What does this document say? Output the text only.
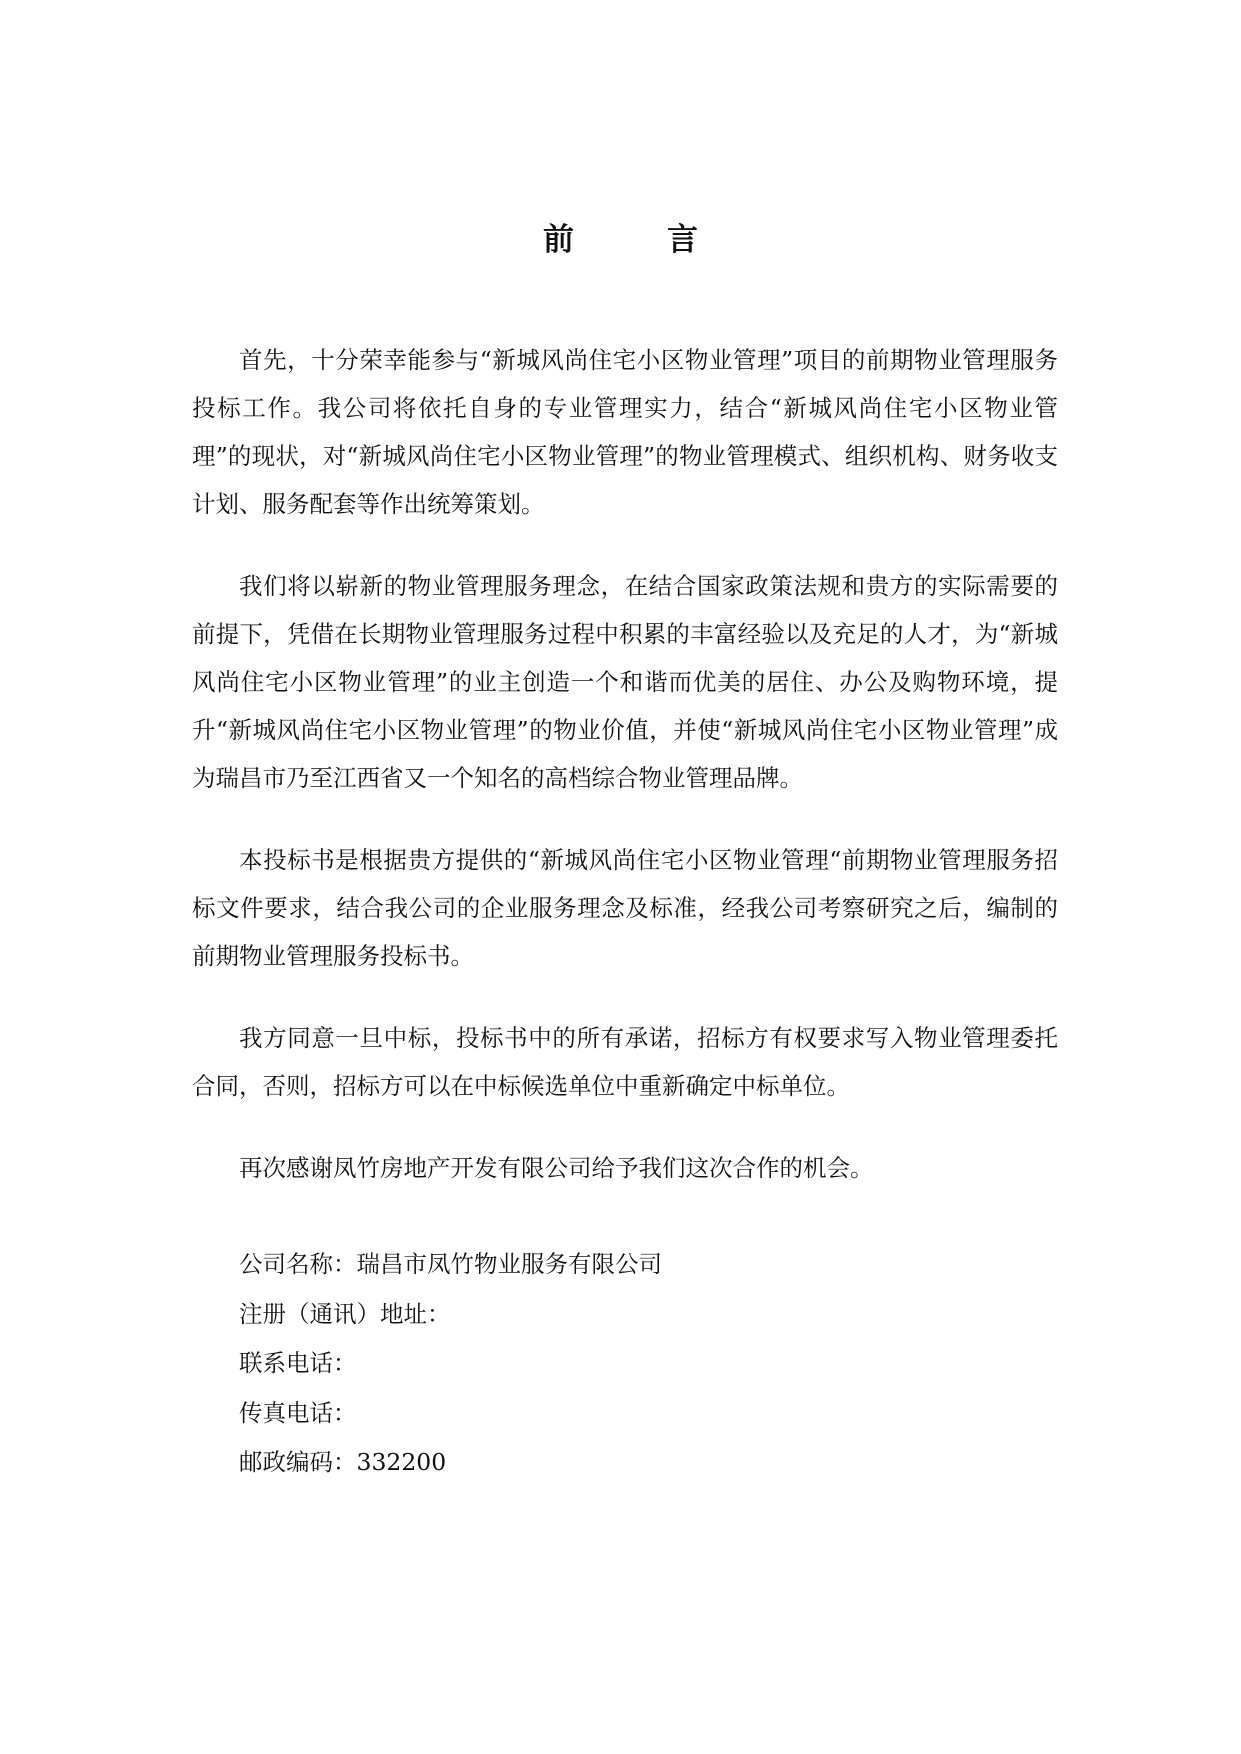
前　言

首先，十分荣幸能参与“新城风尚住宅小区物业管理”项目的前期物业管理服务投标工作。我公司将依托自身的专业管理实力，结合“新城风尚住宅小区物业管理”的现状，对“新城风尚住宅小区物业管理”的物业管理模式、组织机构、财务收支计划、服务配套等作出统筹策划。

我们将以崭新的物业管理服务理念，在结合国家政策法规和贵方的实际需要的前提下，凭借在长期物业管理服务过程中积累的丰富经验以及充足的人才，为“新城风尚住宅小区物业管理”的业主创造一个和谐而优美的居住、办公及购物环境，提升“新城风尚住宅小区物业管理”的物业价值，并使“新城风尚住宅小区物业管理”成为瑞昌市乃至江西省又一个知名的高档综合物业管理品牌。

本投标书是根据贵方提供的“新城风尚住宅小区物业管理“前期物业管理服务招标文件要求，结合我公司的企业服务理念及标准，经我公司考察研究之后，编制的前期物业管理服务投标书。

我方同意一旦中标，投标书中的所有承诺，招标方有权要求写入物业管理委托合同，否则，招标方可以在中标候选单位中重新确定中标单位。

再次感谢凤竹房地产开发有限公司给予我们这次合作的机会。

公司名称：瑞昌市凤竹物业服务有限公司
注册（通讯）地址：
联系电话：
传真电话：
邮政编码：332200
